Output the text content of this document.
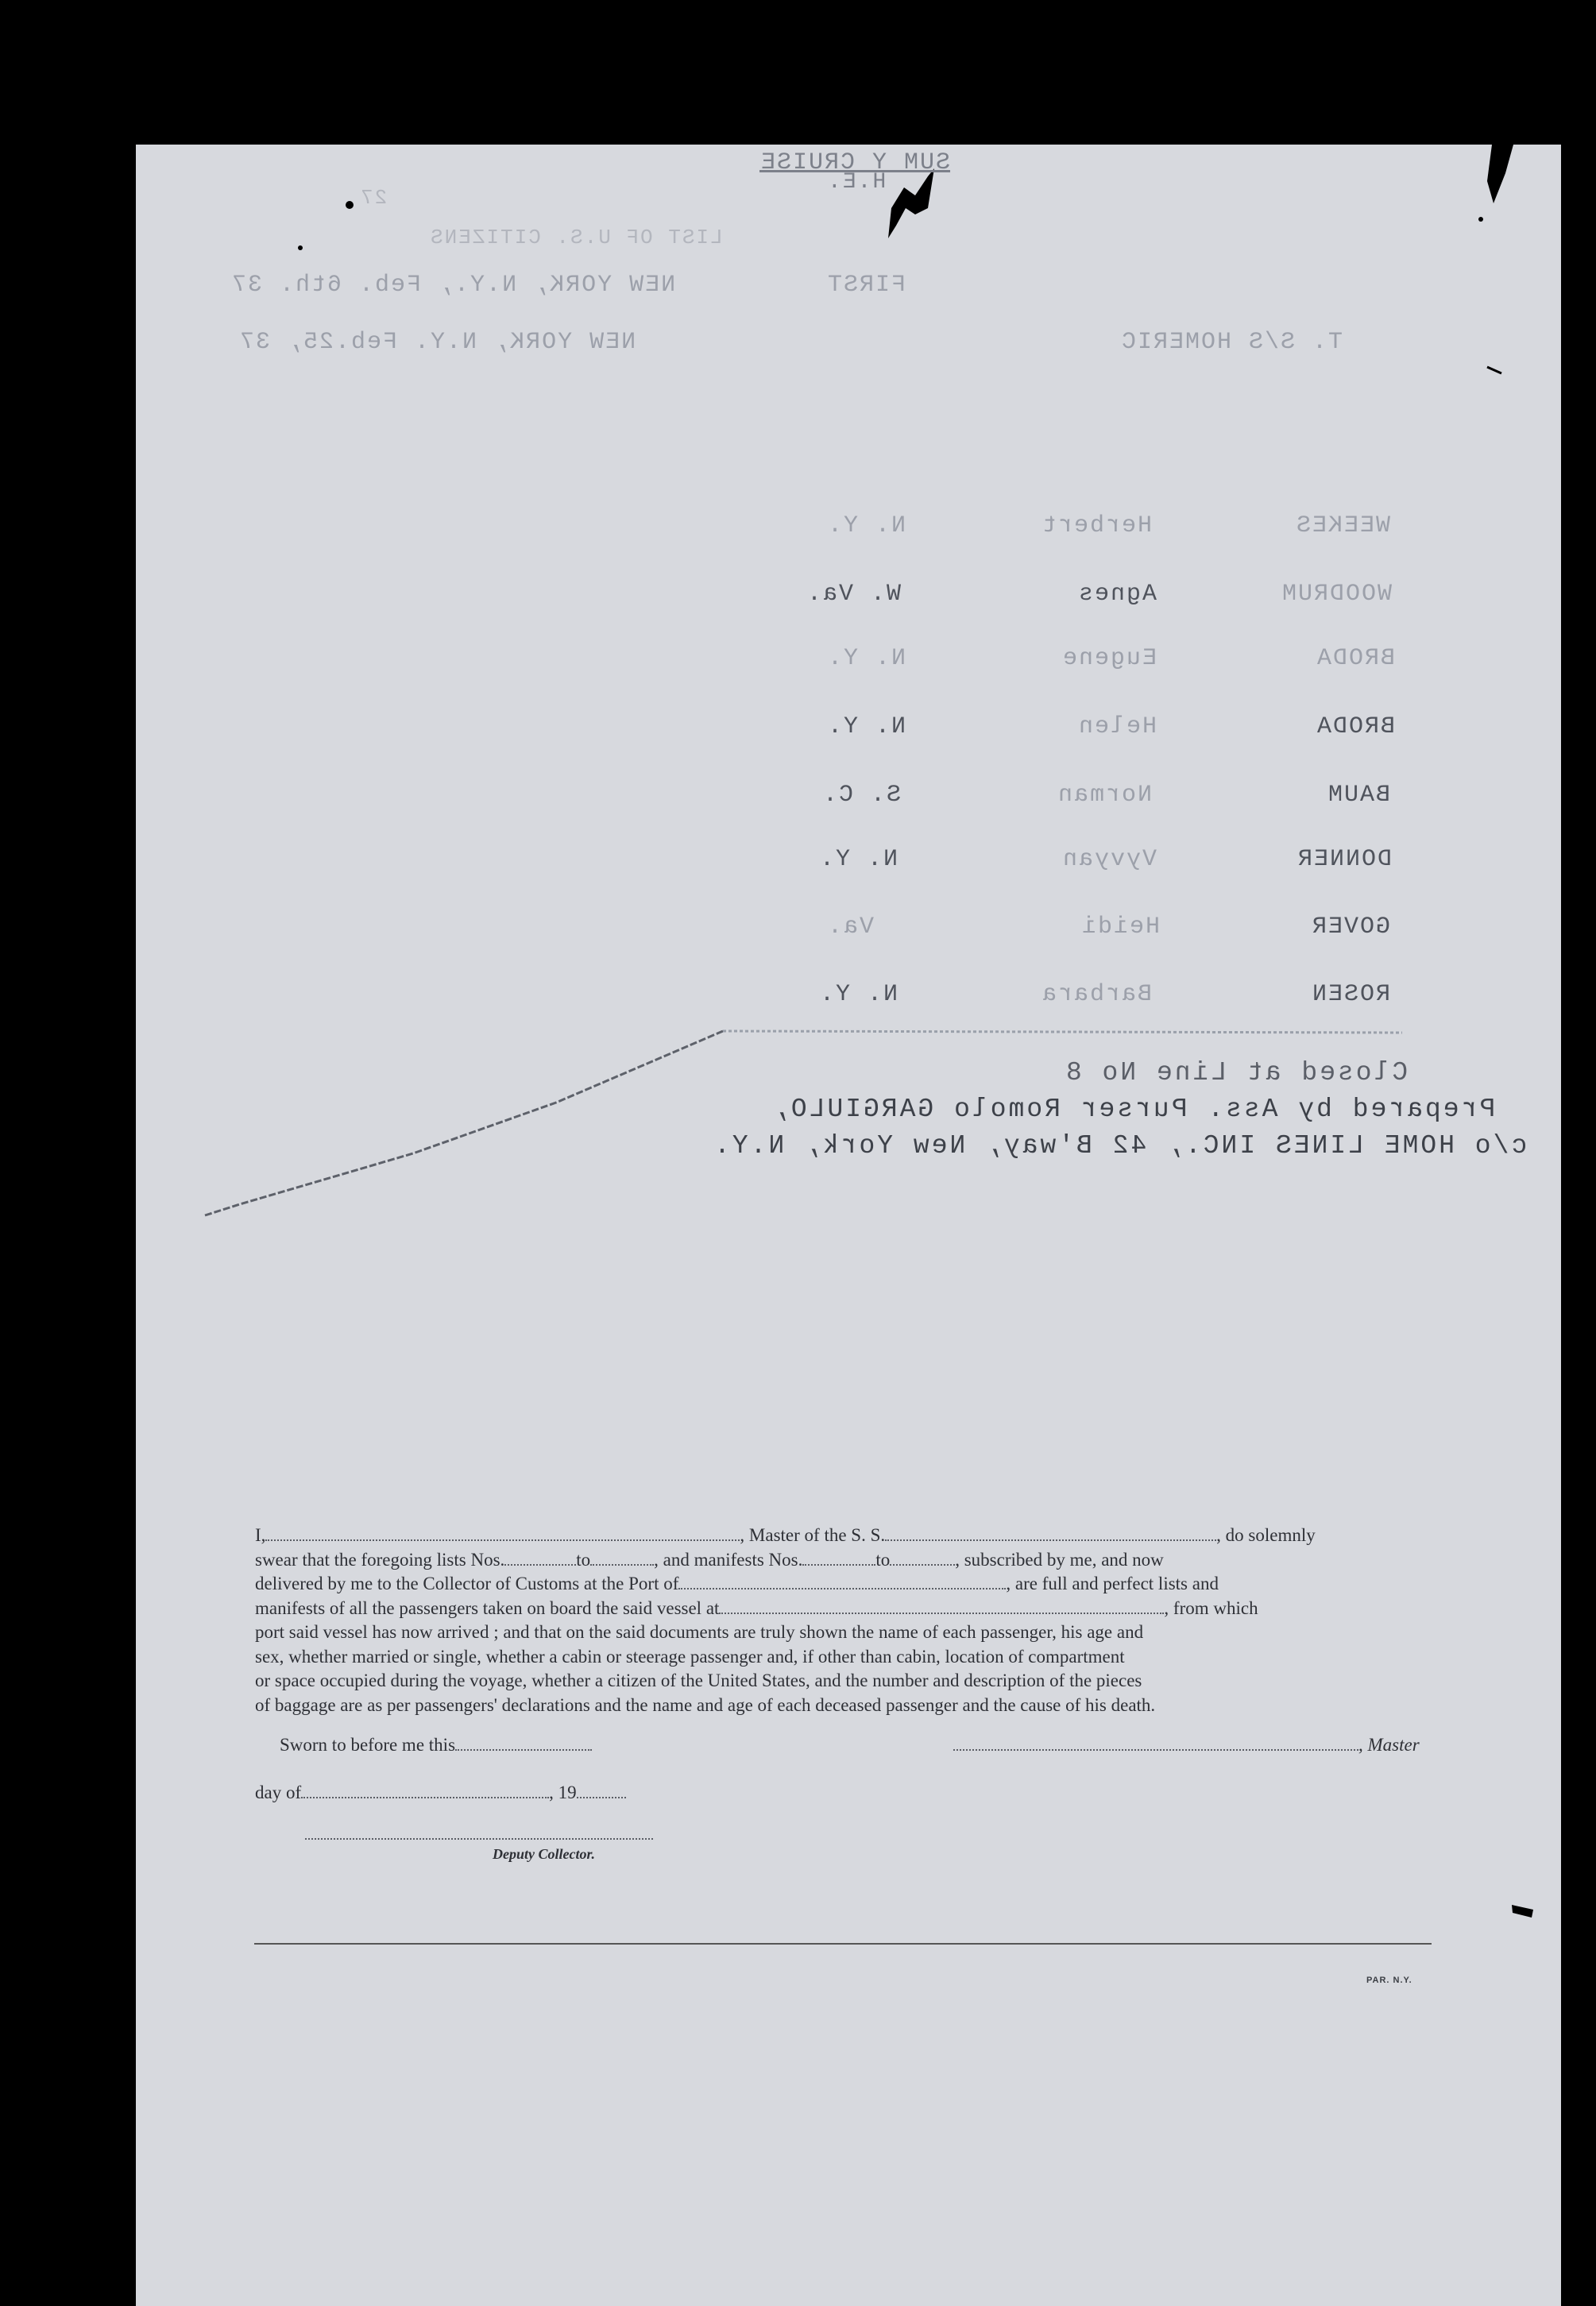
SUM Y CRUISE
H.E.
LIST OF U.S. CITIZENS
27
NEW YORK, N.Y., Feb. 6th. 37	FIRST
NEW YORK, N.Y. Feb.25, 37	T. S/S HOMERIC
N. Y.	Herbert	WEEKES
W. Va.	Agnes	WOODRUM
N. Y.	Eugene	BRODA
N. Y.	Helen	BRODA
S. C.	Norman	BAUM
N. Y.	Vyvyan	DONNER
Va.	Heidi	GOVER
N. Y.	Barbara	ROSEN
Closed at Line No 8
Prepared by Ass. Purser Romolo GARGIULO,
c/o HOME LINES INC., 42 B'way, New York, N.Y.
I,	, Master of the S. S.	, do solemnly
swear that the foregoing lists Nos.	to	, and manifests Nos.	to	, subscribed by me, and now
delivered by me to the Collector of Customs at the Port of	, are full and perfect lists and
manifests of all the passengers taken on board the said vessel at	, from which
port said vessel has now arrived ; and that on the said documents are truly shown the name of each passenger, his age and
sex, whether married or single, whether a cabin or steerage passenger and, if other than cabin, location of compartment
or space occupied during the voyage, whether a citizen of the United States, and the number and description of the pieces
of baggage are as per passengers' declarations and the name and age of each deceased passenger and the cause of his death.
Sworn to before me this	, Master
day of	, 19
Deputy Collector.
PAR. N.Y.
